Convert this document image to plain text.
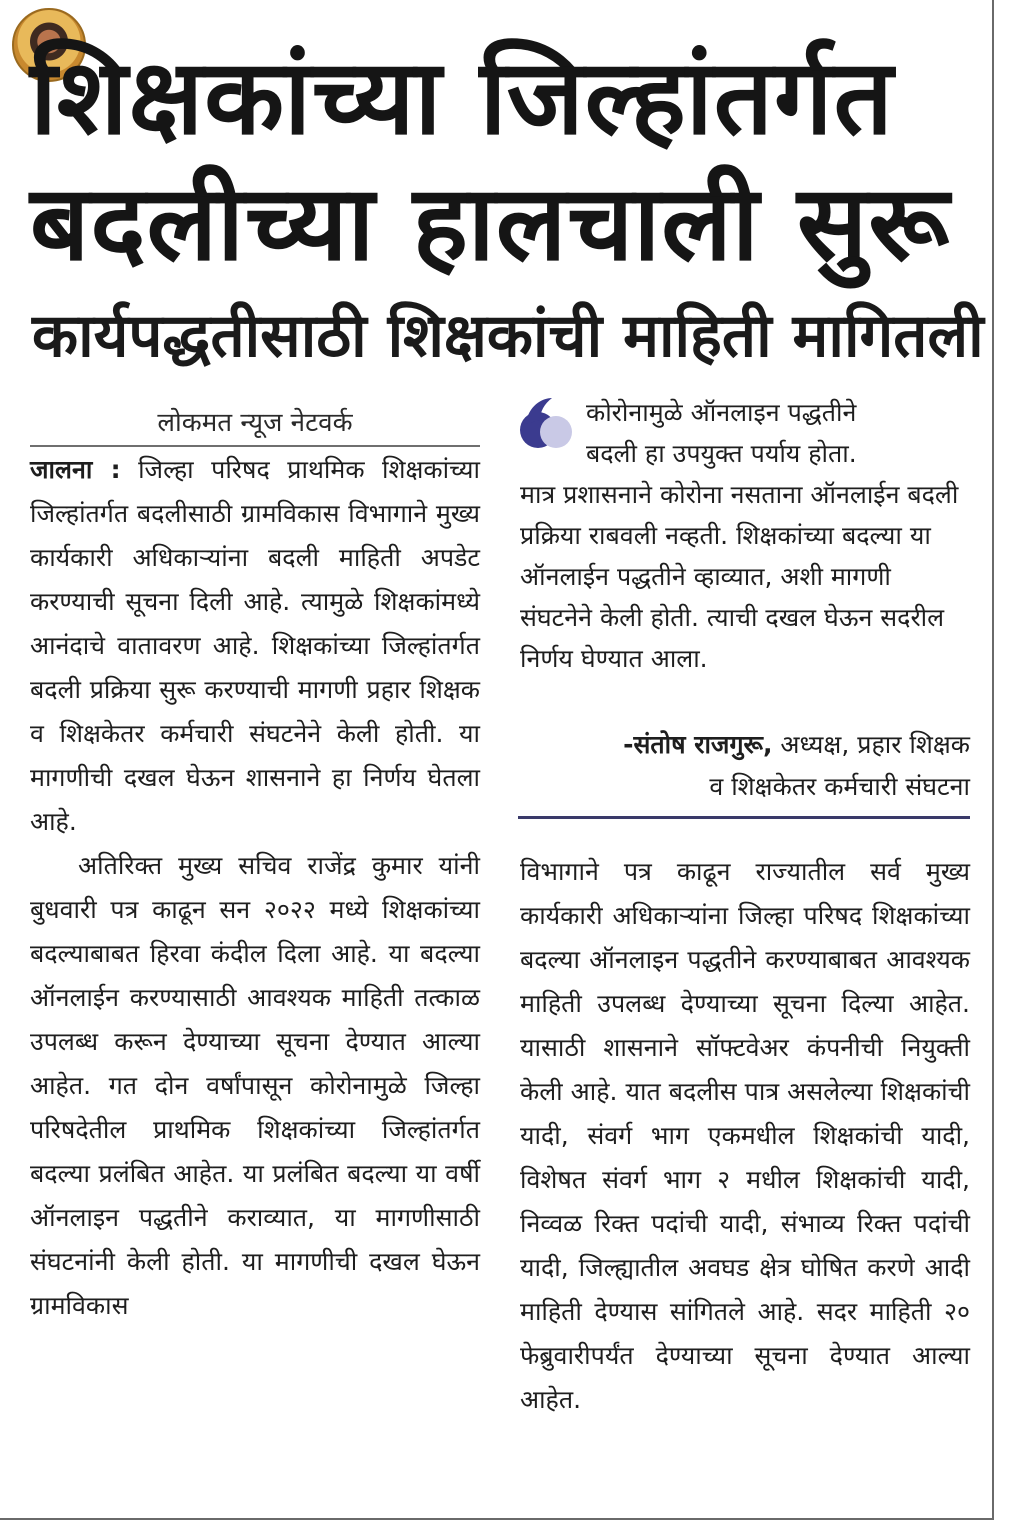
शिक्षकांच्या जिल्हांतर्गत
बदलीच्या हालचाली सुरू
कार्यपद्धतीसाठी शिक्षकांची माहिती मागितली
लोकमत न्यूज नेटवर्क

जालना : जिल्हा परिषद प्राथमिक शिक्षकांच्या जिल्हांतर्गत बदलीसाठी ग्रामविकास विभागाने मुख्य कार्यकारी अधिकाऱ्यांना बदली माहिती अपडेट करण्याची सूचना दिली आहे. त्यामुळे शिक्षकांमध्ये आनंदाचे वातावरण आहे. शिक्षकांच्या जिल्हांतर्गत बदली प्रक्रिया सुरू करण्याची मागणी प्रहार शिक्षक व शिक्षकेतर कर्मचारी संघटनेने केली होती. या मागणीची दखल घेऊन शासनाने हा निर्णय घेतला आहे.

अतिरिक्त मुख्य सचिव राजेंद्र कुमार यांनी बुधवारी पत्र काढून सन २०२२ मध्ये शिक्षकांच्या बदल्याबाबत हिरवा कंदील दिला आहे. या बदल्या ऑनलाईन करण्यासाठी आवश्यक माहिती तत्काळ उपलब्ध करून देण्याच्या सूचना देण्यात आल्या आहेत. गत दोन वर्षांपासून कोरोनामुळे जिल्हा परिषदेतील प्राथमिक शिक्षकांच्या जिल्हांतर्गत बदल्या प्रलंबित आहेत. या प्रलंबित बदल्या या वर्षी ऑनलाइन पद्धतीने कराव्यात, या मागणीसाठी संघटनांनी केली होती. या मागणीची दखल घेऊन ग्रामविकास

कोरोनामुळे ऑनलाइन पद्धतीने

बदली हा उपयुक्त पर्याय होता.

मात्र प्रशासनाने कोरोना नसताना ऑनलाईन बदली प्रक्रिया राबवली नव्हती. शिक्षकांच्या बदल्या या ऑनलाईन पद्धतीने व्हाव्यात, अशी मागणी संघटनेने केली होती. त्याची दखल घेऊन सदरील निर्णय घेण्यात आला.

-संतोष राजगुरू, अध्यक्ष, प्रहार शिक्षक
व शिक्षकेतर कर्मचारी संघटना

विभागाने पत्र काढून राज्यातील सर्व मुख्य कार्यकारी अधिकाऱ्यांना जिल्हा परिषद शिक्षकांच्या बदल्या ऑनलाइन पद्धतीने करण्याबाबत आवश्यक माहिती उपलब्ध देण्याच्या सूचना दिल्या आहेत. यासाठी शासनाने सॉफ्टवेअर कंपनीची नियुक्ती केली आहे. यात बदलीस पात्र असलेल्या शिक्षकांची यादी, संवर्ग भाग एकमधील शिक्षकांची यादी, विशेषत संवर्ग भाग २ मधील शिक्षकांची यादी, निव्वळ रिक्त पदांची यादी, संभाव्य रिक्त पदांची यादी, जिल्ह्यातील अवघड क्षेत्र घोषित करणे आदी माहिती देण्यास सांगितले आहे. सदर माहिती २० फेब्रुवारीपर्यंत देण्याच्या सूचना देण्यात आल्या आहेत.
